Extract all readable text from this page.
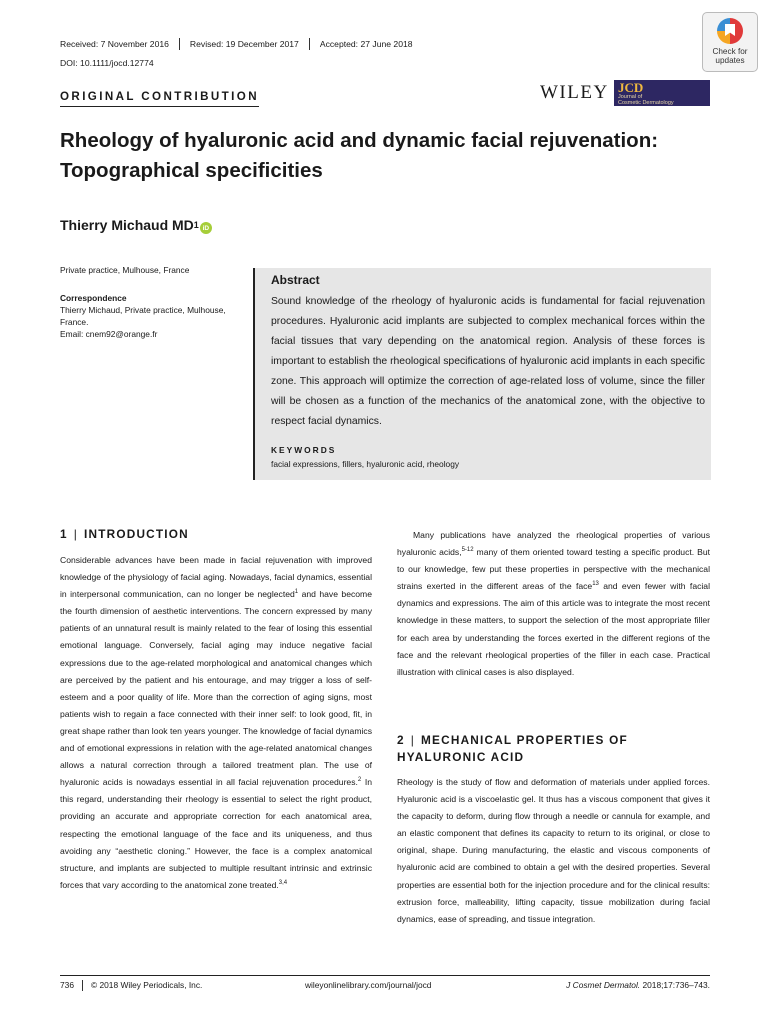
Received: 7 November 2016 Revised: 19 December 2017 Accepted: 27 June 2018
DOI: 10.1111/jocd.12774
Check for
updates
ORIGINAL CONTRIBUTION	WILEY JCD
Journal of
Cosmetic Dermatology
Rheology of hyaluronic acid and dynamic facial rejuvenation: Topographical specificities
Thierry Michaud MD 1 iD
Private practice, Mulhouse, France
Correspondence
Thierry Michaud, Private practice, Mulhouse,
France.
Email: cnem92@orange.fr
Abstract

Sound knowledge of the rheology of hyaluronic acids is fundamental for facial rejuvenation procedures. Hyaluronic acid implants are subjected to complex mechanical forces within the facial tissues that vary depending on the anatomical region. Analysis of these forces is important to establish the rheological specifications of hyaluronic acid implants in each specific zone. This approach will optimize the correction of age-related loss of volume, since the filler will be chosen as a function of the mechanics of the anatomical zone, with the objective to respect facial dynamics.

KEYWORDS
facial expressions, fillers, hyaluronic acid, rheology
1 | INTRODUCTION

Considerable advances have been made in facial rejuvenation with improved knowledge of the physiology of facial aging. Nowadays, facial dynamics, essential in interpersonal communication, can no longer be neglected$^1$ and have become the fourth dimension of aesthetic interventions. The concern expressed by many patients of an unnatural result is mainly related to the fear of losing this essential emotional language. Conversely, facial aging may induce negative facial expressions due to the age-related morphological and anatomical changes which are perceived by the patient and his entourage, and may trigger a loss of self-esteem and a poor quality of life. More than the correction of aging signs, most patients wish to regain a face connected with their inner self: to look good, fit, in great shape rather than look ten years younger. The knowledge of facial dynamics and of emotional expressions in relation with the age-related anatomical changes allows a natural correction through a tailored treatment plan. The use of hyaluronic acids is nowadays essential in all facial rejuvenation procedures.$^2$ In this regard, understanding their rheology is essential to select the right product, providing an accurate and appropriate correction for each anatomical area, respecting the emotional language of the face and its uniqueness, and thus avoiding any “aesthetic cloning.” However, the face is a complex anatomical structure, and implants are subjected to multiple resultant intrinsic and extrinsic forces that vary according to the anatomical zone treated.$^{3,4}$

Many publications have analyzed the rheological properties of various hyaluronic acids,$^{5-12}$ many of them oriented toward testing a specific product. But to our knowledge, few put these properties in perspective with the mechanical strains exerted in the different areas of the face$^{13}$ and even fewer with facial dynamics and expressions. The aim of this article was to integrate the most recent knowledge in these matters, to support the selection of the most appropriate filler for each area by understanding the forces exerted in the different regions of the face and the relevant rheological properties of the filler in each case. Practical illustration with clinical cases is also displayed.

2 | MECHANICAL PROPERTIES OF
HYALURONIC ACID

Rheology is the study of flow and deformation of materials under applied forces. Hyaluronic acid is a viscoelastic gel. It thus has a viscous component that gives it the capacity to deform, during flow through a needle or cannula for example, and an elastic component that defines its capacity to return to its original, or close to original, shape. During manufacturing, the elastic and viscous components of hyaluronic acid are combined to obtain a gel with the desired properties. Several properties are essential both for the injection procedure and for the clinical results: extrusion force, malleability, lifting capacity, tissue mobilization during facial dynamics, ease of spreading, and tissue integration.

736 © 2018 Wiley Periodicals, Inc.	wileyonlinelibrary.com/journal/jocd	J Cosmet Dermatol. 2018;17:736–743.
